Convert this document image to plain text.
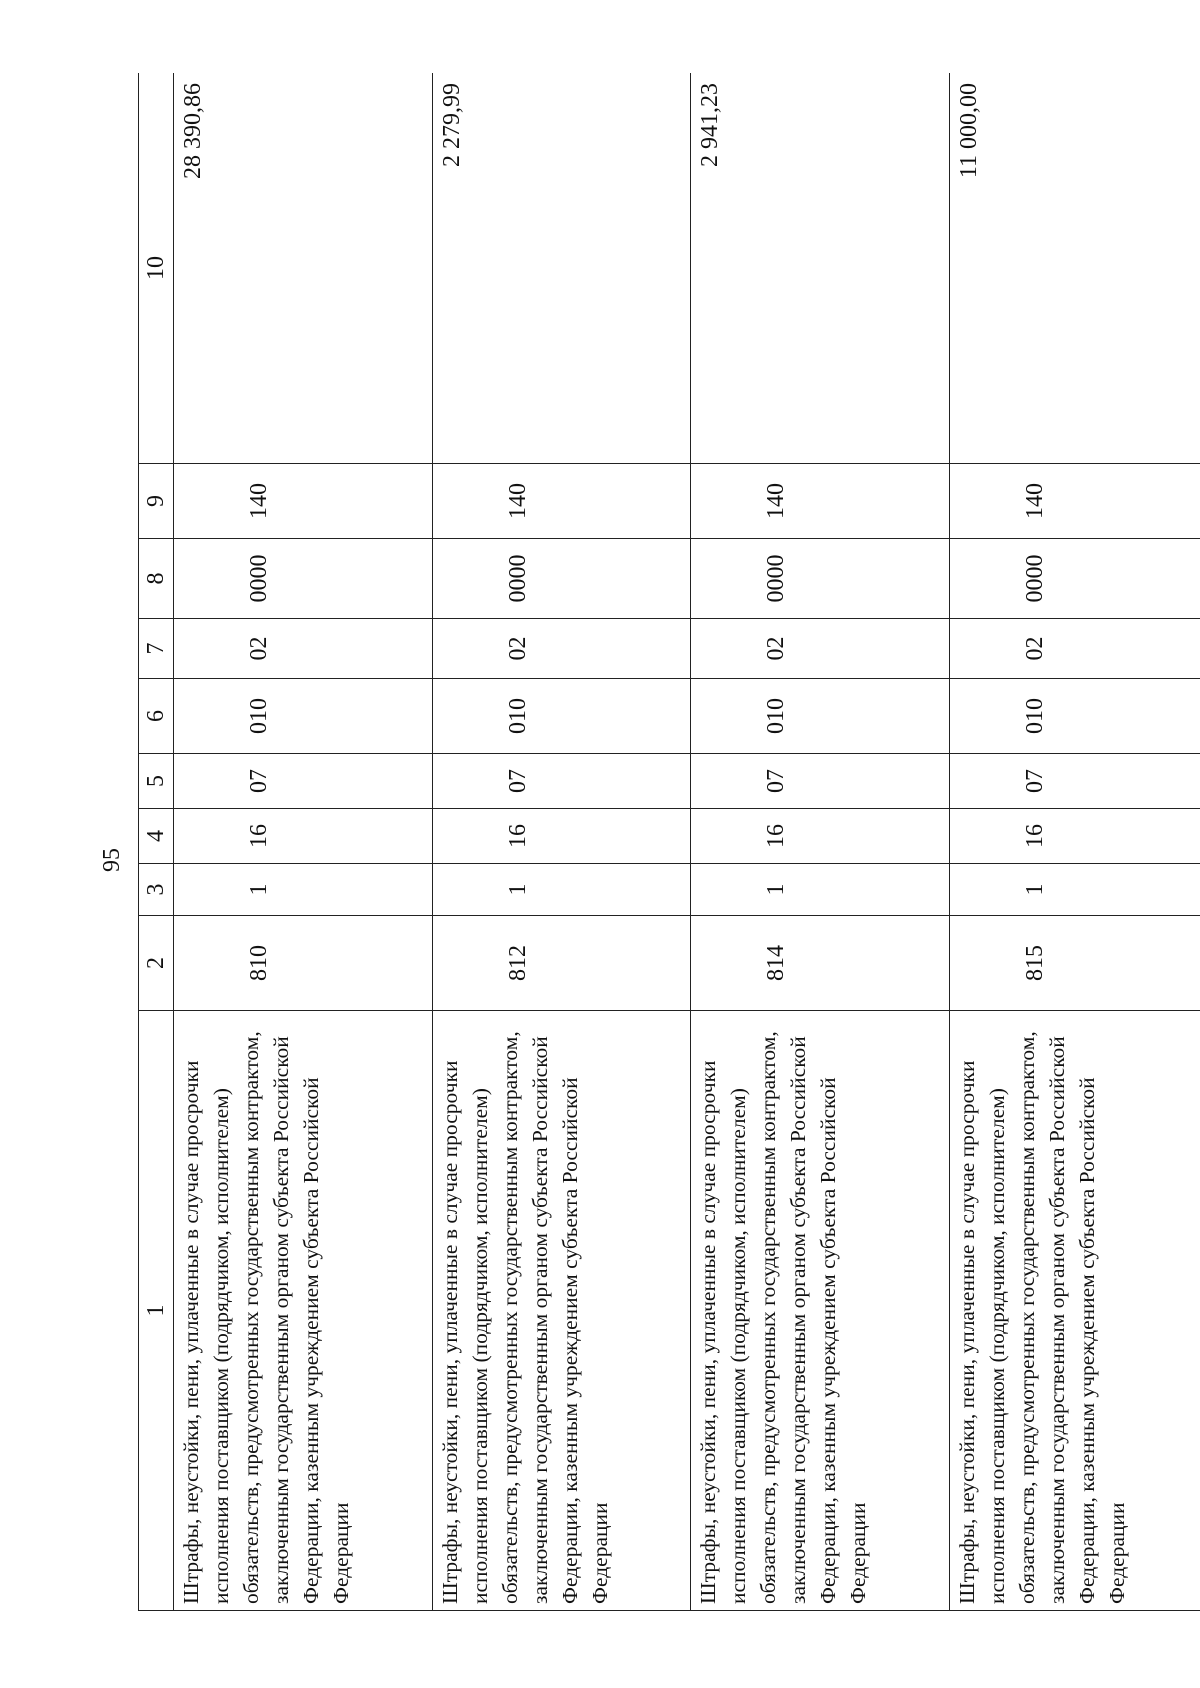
95
1	2	3	4	5	6	7	8	9	10
Штрафы, неустойки, пени, уплаченные в случае просрочки исполнения поставщиком (подрядчиком, исполнителем) обязательств, предусмотренных государственным контрактом, заключенным государственным органом субъекта Российской Федерации, казенным учреждением субъекта Российской Федерации	810	1	16	07	010	02	0000	140	28 390,86
Штрафы, неустойки, пени, уплаченные в случае просрочки исполнения поставщиком (подрядчиком, исполнителем) обязательств, предусмотренных государственным контрактом, заключенным государственным органом субъекта Российской Федерации, казенным учреждением субъекта Российской Федерации	812	1	16	07	010	02	0000	140	2 279,99
Штрафы, неустойки, пени, уплаченные в случае просрочки исполнения поставщиком (подрядчиком, исполнителем) обязательств, предусмотренных государственным контрактом, заключенным государственным органом субъекта Российской Федерации, казенным учреждением субъекта Российской Федерации	814	1	16	07	010	02	0000	140	2 941,23
Штрафы, неустойки, пени, уплаченные в случае просрочки исполнения поставщиком (подрядчиком, исполнителем) обязательств, предусмотренных государственным контрактом, заключенным государственным органом субъекта Российской Федерации, казенным учреждением субъекта Российской Федерации	815	1	16	07	010	02	0000	140	11 000,00
